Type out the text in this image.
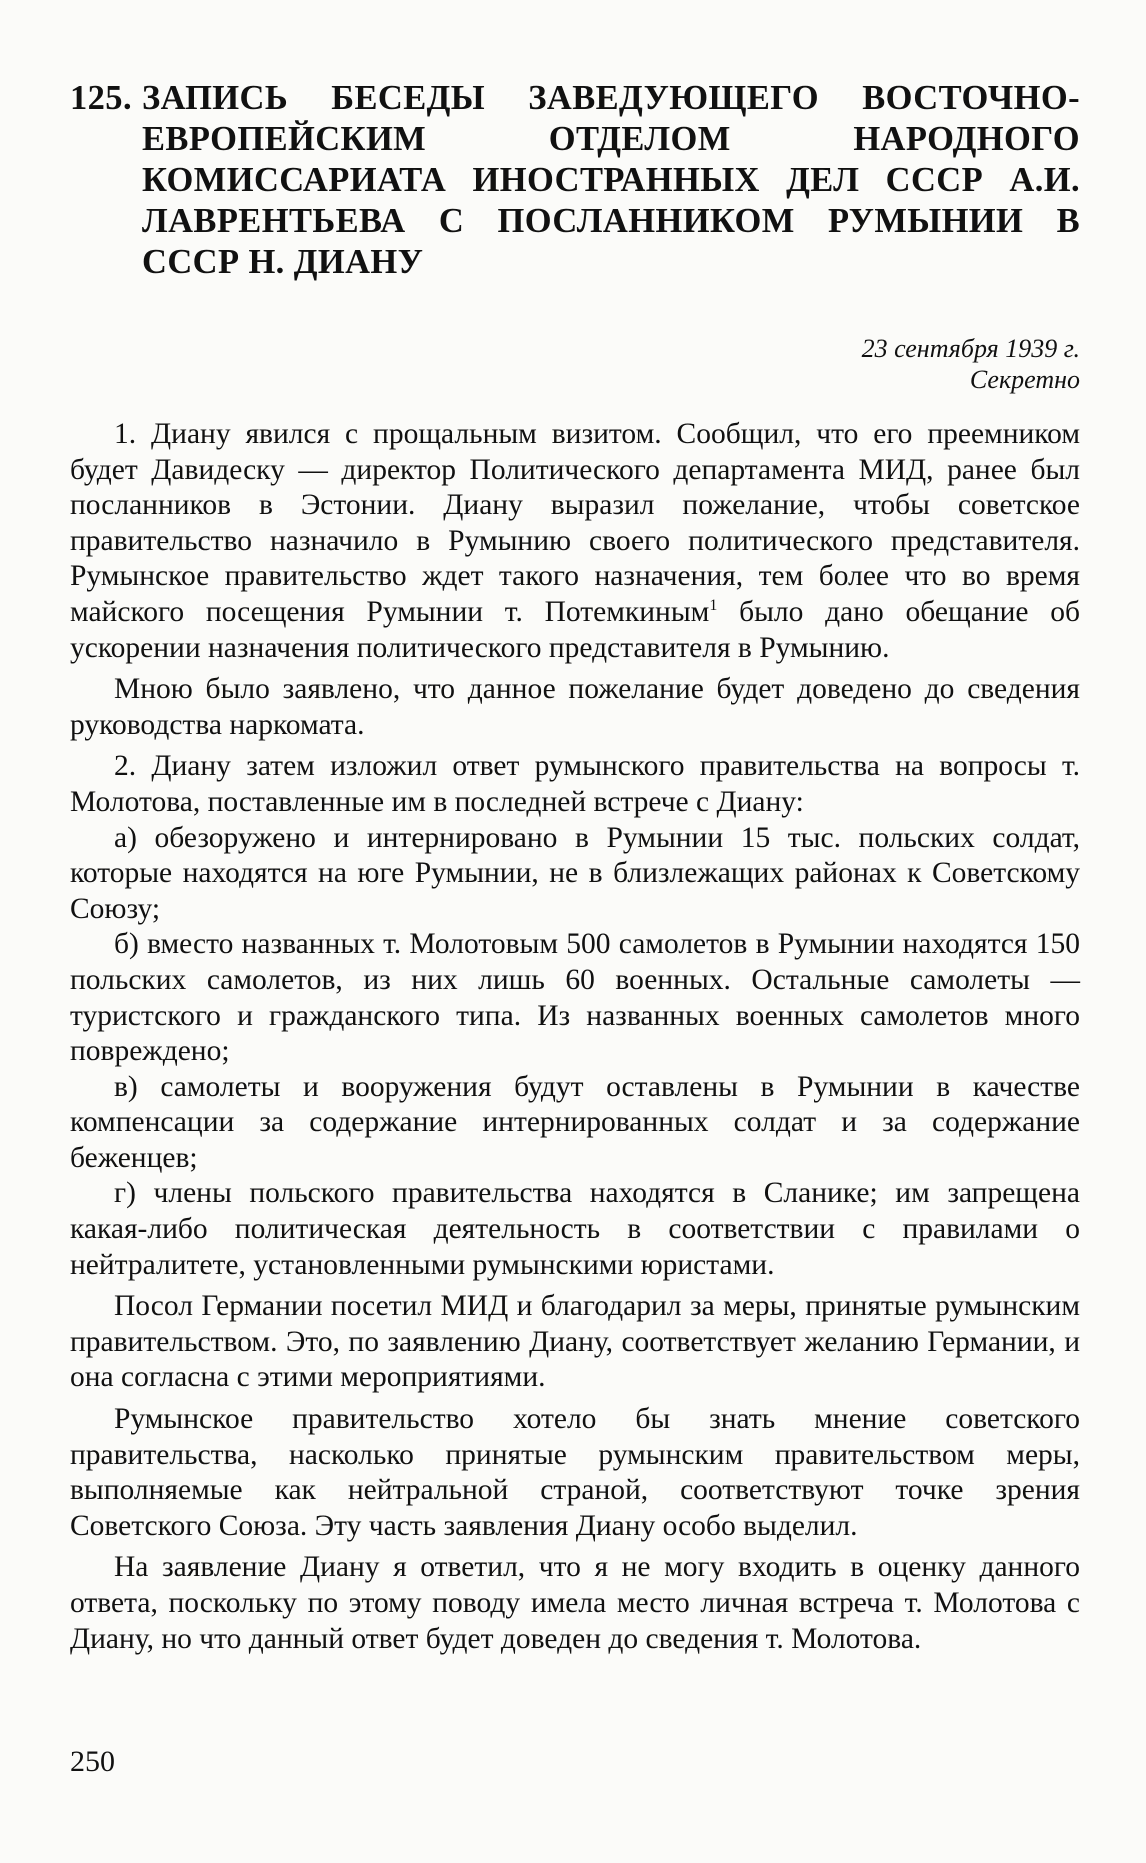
125. ЗАПИСЬ БЕСЕДЫ ЗАВЕДУЮЩЕГО ВОСТОЧНО-ЕВРОПЕЙСКИМ ОТДЕЛОМ НАРОДНОГО КОМИССАРИАТА ИНОСТРАННЫХ ДЕЛ СССР А.И. ЛАВРЕНТЬЕВА С ПОСЛАННИКОМ РУМЫНИИ В СССР Н. ДИАНУ
23 сентября 1939 г.
Секретно

1. Диану явился с прощальным визитом. Сообщил, что его преемником будет Давидеску — директор Политического департамента МИД, ранее был посланников в Эстонии. Диану выразил пожелание, чтобы советское правительство назначило в Румынию своего политического представителя. Румынское правительство ждет такого назначения, тем более что во время майского посещения Румынии т. Потемкиным$^1$ было дано обещание об ускорении назначения политического представителя в Румынию.

Мною было заявлено, что данное пожелание будет доведено до сведения руководства наркомата.

2. Диану затем изложил ответ румынского правительства на вопросы т. Молотова, поставленные им в последней встрече с Диану:

а) обезоружено и интернировано в Румынии 15 тыс. польских солдат, которые находятся на юге Румынии, не в близлежащих районах к Советскому Союзу;

б) вместо названных т. Молотовым 500 самолетов в Румынии находятся 150 польских самолетов, из них лишь 60 военных. Остальные самолеты — туристского и гражданского типа. Из названных военных самолетов много повреждено;

в) самолеты и вооружения будут оставлены в Румынии в качестве компенсации за содержание интернированных солдат и за содержание беженцев;

г) члены польского правительства находятся в Сланике; им запрещена какая-либо политическая деятельность в соответствии с правилами о нейтралитете, установленными румынскими юристами.

Посол Германии посетил МИД и благодарил за меры, принятые румынским правительством. Это, по заявлению Диану, соответствует желанию Германии, и она согласна с этими мероприятиями.

Румынское правительство хотело бы знать мнение советского правительства, насколько принятые румынским правительством меры, выполняемые как нейтральной страной, соответствуют точке зрения Советского Союза. Эту часть заявления Диану особо выделил.

На заявление Диану я ответил, что я не могу входить в оценку данного ответа, поскольку по этому поводу имела место личная встреча т. Молотова с Диану, но что данный ответ будет доведен до сведения т. Молотова.

250
